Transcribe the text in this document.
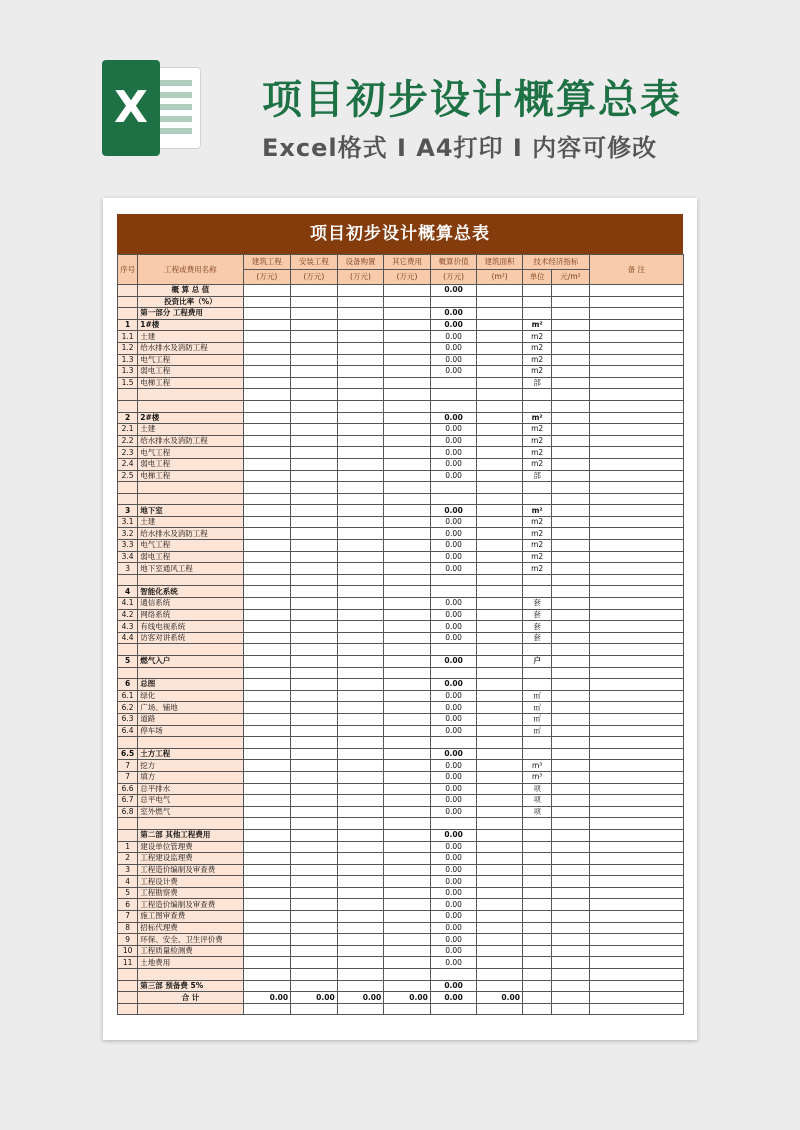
X	项目初步设计概算总表
Excel格式 I A4打印 I 内容可修改
项目初步设计概算总表
序号	工程或费用名称	建筑工程	安装工程	设备购置	其它费用	概算价值	建筑面积	技术经济指标		备 注
		(万元)	(万元)	(万元)	(万元)	(万元)	(m²)	单位	元/m²	
	概 算 总 值					0.00				
	投资比率（%）									
	第一部分 工程费用					0.00				
1	1#楼					0.00		m²		
1.1	土建					0.00		m2		
1.2	给水排水及消防工程					0.00		m2		
1.3	电气工程					0.00		m2		
1.3	弱电工程					0.00		m2		
1.5	电梯工程							部		

2	2#楼					0.00		m²		
2.1	土建					0.00		m2		
2.2	给水排水及消防工程					0.00		m2		
2.3	电气工程					0.00		m2		
2.4	弱电工程					0.00		m2		
2.5	电梯工程					0.00		部		

3	地下室					0.00		m²		
3.1	土建					0.00		m2		
3.2	给水排水及消防工程					0.00		m2		
3.3	电气工程					0.00		m2		
3.4	弱电工程					0.00		m2		
3	地下室通风工程					0.00		m2		

4	智能化系统									
4.1	通信系统					0.00		套		
4.2	网络系统					0.00		套		
4.3	有线电视系统					0.00		套		
4.4	访客对讲系统					0.00		套		

5	燃气入户					0.00		户		

6	总图					0.00				
6.1	绿化					0.00		㎡		
6.2	广场、铺地					0.00		㎡		
6.3	道路					0.00		㎡		
6.4	停车场					0.00		㎡		

6.5	土方工程					0.00				
7	挖方					0.00		m³		
7	填方					0.00		m³		
6.6	总平排水					0.00		项		
6.7	总平电气					0.00		项		
6.8	室外燃气					0.00		项		

	第二部 其他工程费用					0.00				
1	建设单位管理费					0.00				
2	工程建设监理费					0.00				
3	工程造价编制及审查费					0.00				
4	工程设计费					0.00				
5	工程勘察费					0.00				
6	工程造价编制及审查费					0.00				
7	施工图审查费					0.00				
8	招标代理费					0.00				
9	环保、安全、卫生评价费					0.00				
10	工程质量检测费					0.00				
11	土地费用					0.00				

	第三部 预备费 5%					0.00				
	合 计	0.00	0.00	0.00	0.00	0.00	0.00			
